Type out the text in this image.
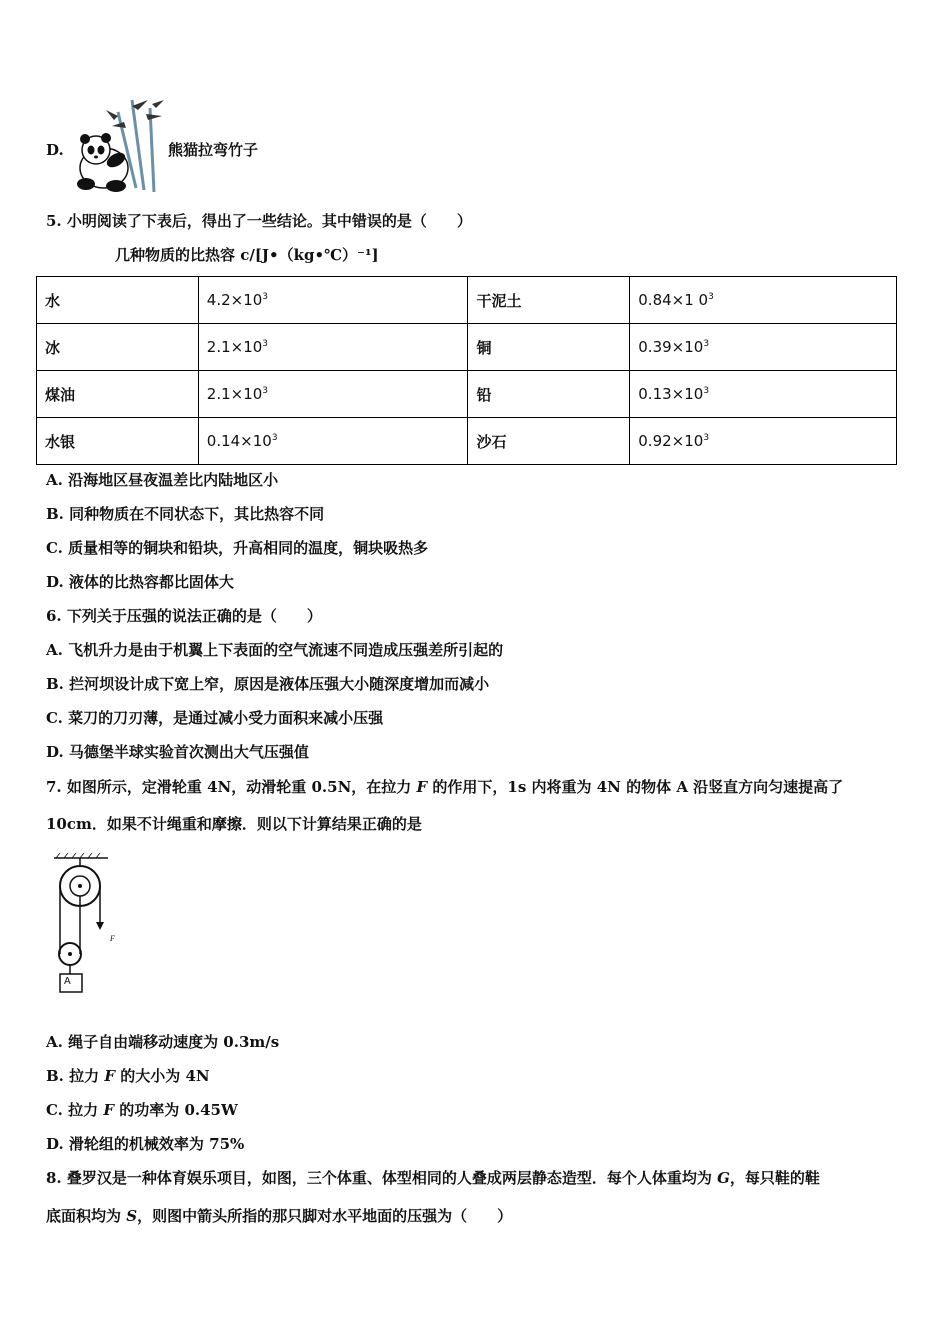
D.	熊猫拉弯竹子
5. 小明阅读了下表后，得出了一些结论。其中错误的是（　　）
几种物质的比热容 c/[J•（kg•℃）⁻¹]
水	$4.2\times 10^3$	干泥土	0.84×1 $0^3$
冰	$2.1\times 10^3$	铜	$0.39\times 10^3$
煤油	$2.1\times 10^3$	铅	$0.13\times 10^3$
水银	$0.14\times 10^3$	沙石	$0.92\times 10^3$
A. 沿海地区昼夜温差比内陆地区小
B. 同种物质在不同状态下，其比热容不同
C. 质量相等的铜块和铅块，升高相同的温度，铜块吸热多
D. 液体的比热容都比固体大
6. 下列关于压强的说法正确的是（　　）
A. 飞机升力是由于机翼上下表面的空气流速不同造成压强差所引起的
B. 拦河坝设计成下宽上窄，原因是液体压强大小随深度增加而减小
C. 菜刀的刀刃薄，是通过减小受力面积来减小压强
D. 马德堡半球实验首次测出大气压强值
7. 如图所示，定滑轮重 4N，动滑轮重 0.5N，在拉力 F 的作用下，1s 内将重为 4N 的物体 A 沿竖直方向匀速提高了
10cm．如果不计绳重和摩擦．则以下计算结果正确的是
A
F
A. 绳子自由端移动速度为 0.3m/s
B. 拉力 F 的大小为 4N
C. 拉力 F 的功率为 0.45W
D. 滑轮组的机械效率为 75%
8. 叠罗汉是一种体育娱乐项目，如图，三个体重、体型相同的人叠成两层静态造型．每个人体重均为 G，每只鞋的鞋
底面积均为 S，则图中箭头所指的那只脚对水平地面的压强为（　　）
